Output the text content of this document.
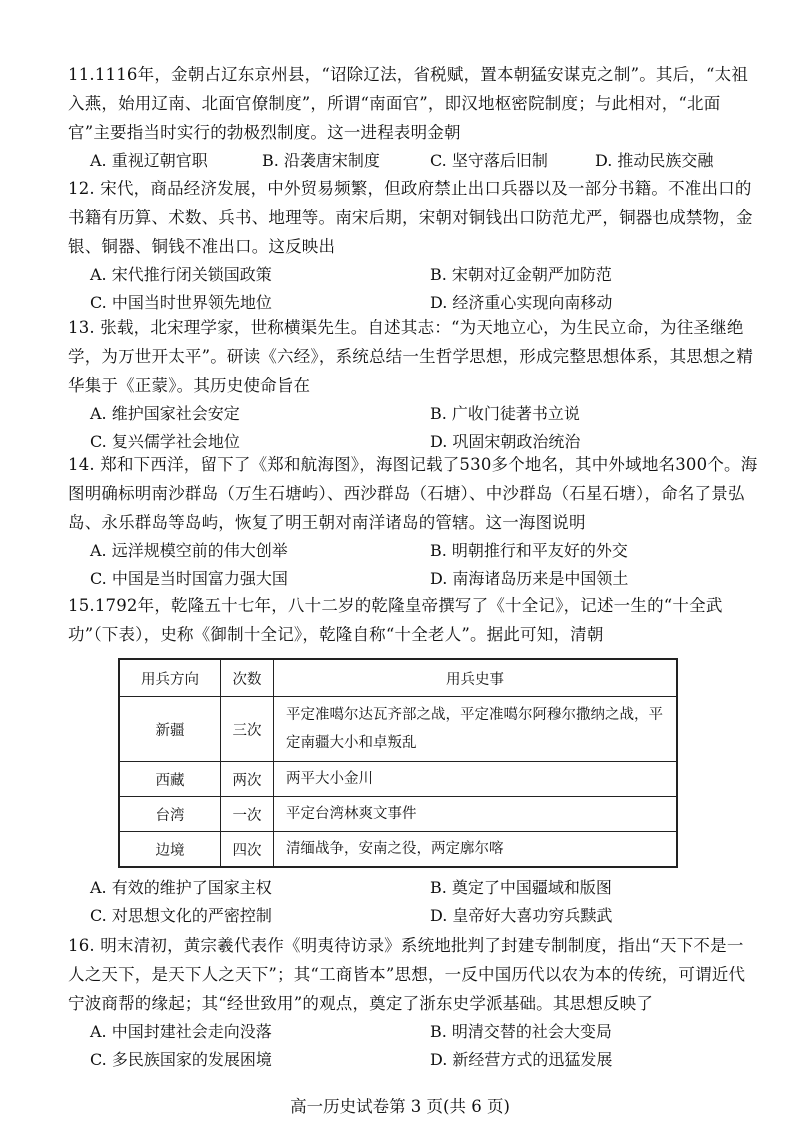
11.1116年，金朝占辽东京州县，“诏除辽法，省税赋，置本朝猛安谋克之制”。其后，“太祖入燕，始用辽南、北面官僚制度”，所谓“南面官”，即汉地枢密院制度；与此相对，“北面官”主要指当时实行的勃极烈制度。这一进程表明金朝

A. 重视辽朝官职	B. 沿袭唐宋制度	C. 坚守落后旧制	D. 推动民族交融

12. 宋代，商品经济发展，中外贸易频繁，但政府禁止出口兵器以及一部分书籍。不准出口的书籍有历算、术数、兵书、地理等。南宋后期，宋朝对铜钱出口防范尤严，铜器也成禁物，金银、铜器、铜钱不准出口。这反映出

A. 宋代推行闭关锁国政策	B. 宋朝对辽金朝严加防范
C. 中国当时世界领先地位	D. 经济重心实现向南移动

13. 张载，北宋理学家，世称横渠先生。自述其志：“为天地立心，为生民立命，为往圣继绝学，为万世开太平”。研读《六经》，系统总结一生哲学思想，形成完整思想体系，其思想之精华集于《正蒙》。其历史使命旨在

A. 维护国家社会安定	B. 广收门徒著书立说
C. 复兴儒学社会地位	D. 巩固宋朝政治统治

14. 郑和下西洋，留下了《郑和航海图》，海图记载了530多个地名，其中外域地名300个。海图明确标明南沙群岛（万生石塘屿）、西沙群岛（石塘）、中沙群岛（石星石塘），命名了景弘岛、永乐群岛等岛屿，恢复了明王朝对南洋诸岛的管辖。这一海图说明

A. 远洋规模空前的伟大创举	B. 明朝推行和平友好的外交
C. 中国是当时国富力强大国	D. 南海诸岛历来是中国领土

15.1792年，乾隆五十七年，八十二岁的乾隆皇帝撰写了《十全记》，记述一生的“十全武功”（下表），史称《御制十全记》，乾隆自称“十全老人”。据此可知，清朝

用兵方向	次数	用兵史事
新疆	三次	平定准噶尔达瓦齐部之战，平定准噶尔阿穆尔撒纳之战，平定南疆大小和卓叛乱
西藏	两次	两平大小金川
台湾	一次	平定台湾林爽文事件
边境	四次	清缅战争，安南之役，两定廓尔喀
A. 有效的维护了国家主权	B. 奠定了中国疆域和版图
C. 对思想文化的严密控制	D. 皇帝好大喜功穷兵黩武

16. 明末清初，黄宗羲代表作《明夷待访录》系统地批判了封建专制制度，指出“天下不是一人之天下，是天下人之天下”；其“工商皆本”思想，一反中国历代以农为本的传统，可谓近代宁波商帮的缘起；其“经世致用”的观点，奠定了浙东史学派基础。其思想反映了

A. 中国封建社会走向没落	B. 明清交替的社会大变局
C. 多民族国家的发展困境	D. 新经营方式的迅猛发展
高一历史试卷第 3 页(共 6 页)
